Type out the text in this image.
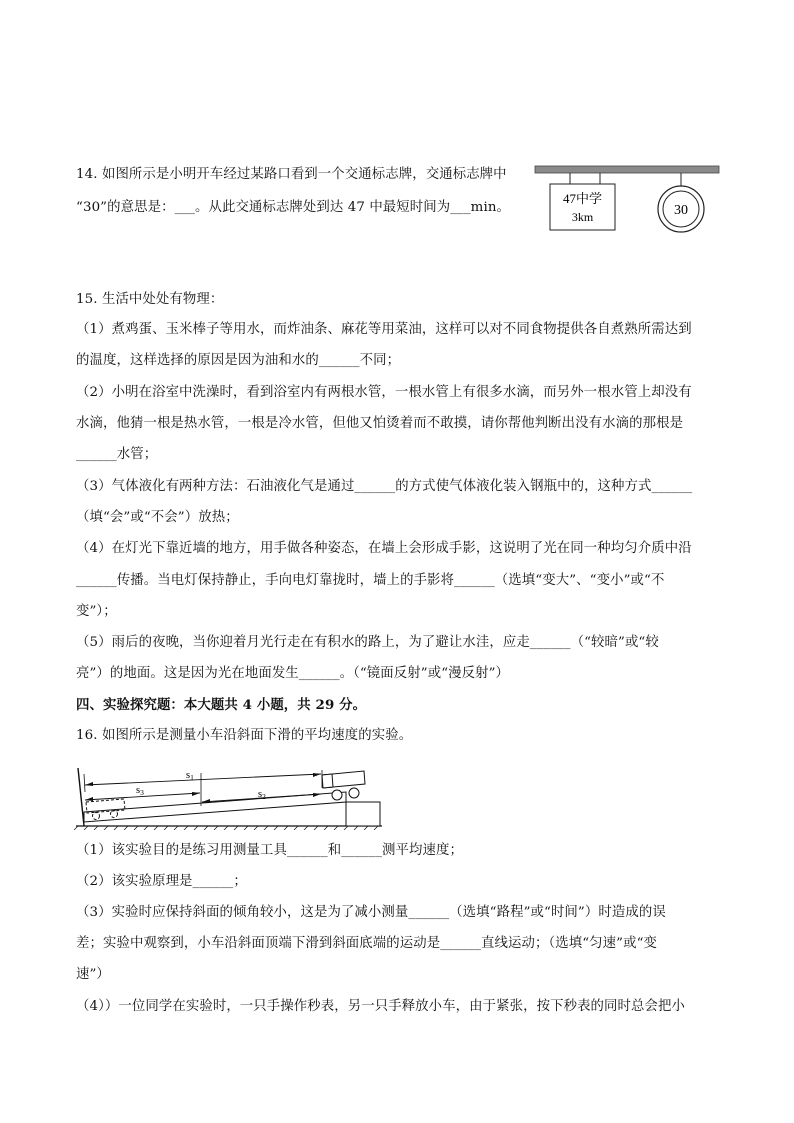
14. 如图所示是小明开车经过某路口看到一个交通标志牌，交通标志牌中
“30”的意思是：___。从此交通标志牌处到达 47 中最短时间为___min。
47中学
3km	30
15. 生活中处处有物理：
（1）煮鸡蛋、玉米棒子等用水，而炸油条、麻花等用菜油，这样可以对不同食物提供各自煮熟所需达到
的温度，这样选择的原因是因为油和水的______不同；
（2）小明在浴室中洗澡时，看到浴室内有两根水管，一根水管上有很多水滴，而另外一根水管上却没有
水滴，他猜一根是热水管，一根是冷水管，但他又怕烫着而不敢摸，请你帮他判断出没有水滴的那根是
______水管；
（3）气体液化有两种方法：石油液化气是通过______的方式使气体液化装入钢瓶中的，这种方式______
（填“会”或“不会”）放热；
（4）在灯光下靠近墙的地方，用手做各种姿态，在墙上会形成手影，这说明了光在同一种均匀介质中沿
______传播。当电灯保持静止，手向电灯靠拢时，墙上的手影将______（选填“变大”、“变小”或“不
变”）；
（5）雨后的夜晚，当你迎着月光行走在有积水的路上，为了避让水洼，应走______（“较暗”或“较
亮”）的地面。这是因为光在地面发生______。（“镜面反射”或“漫反射”）
四、实验探究题：本大题共 4 小题，共 29 分。
16. 如图所示是测量小车沿斜面下滑的平均速度的实验。
s1
s3	s2
（1）该实验目的是练习用测量工具______和______测平均速度；
（2）该实验原理是______；
（3）实验时应保持斜面的倾角较小，这是为了减小测量______（选填“路程”或“时间”）时造成的误
差；实验中观察到，小车沿斜面顶端下滑到斜面底端的运动是______直线运动；（选填“匀速”或“变
速”）
（4））一位同学在实验时，一只手操作秒表，另一只手释放小车，由于紧张，按下秒表的同时总会把小
